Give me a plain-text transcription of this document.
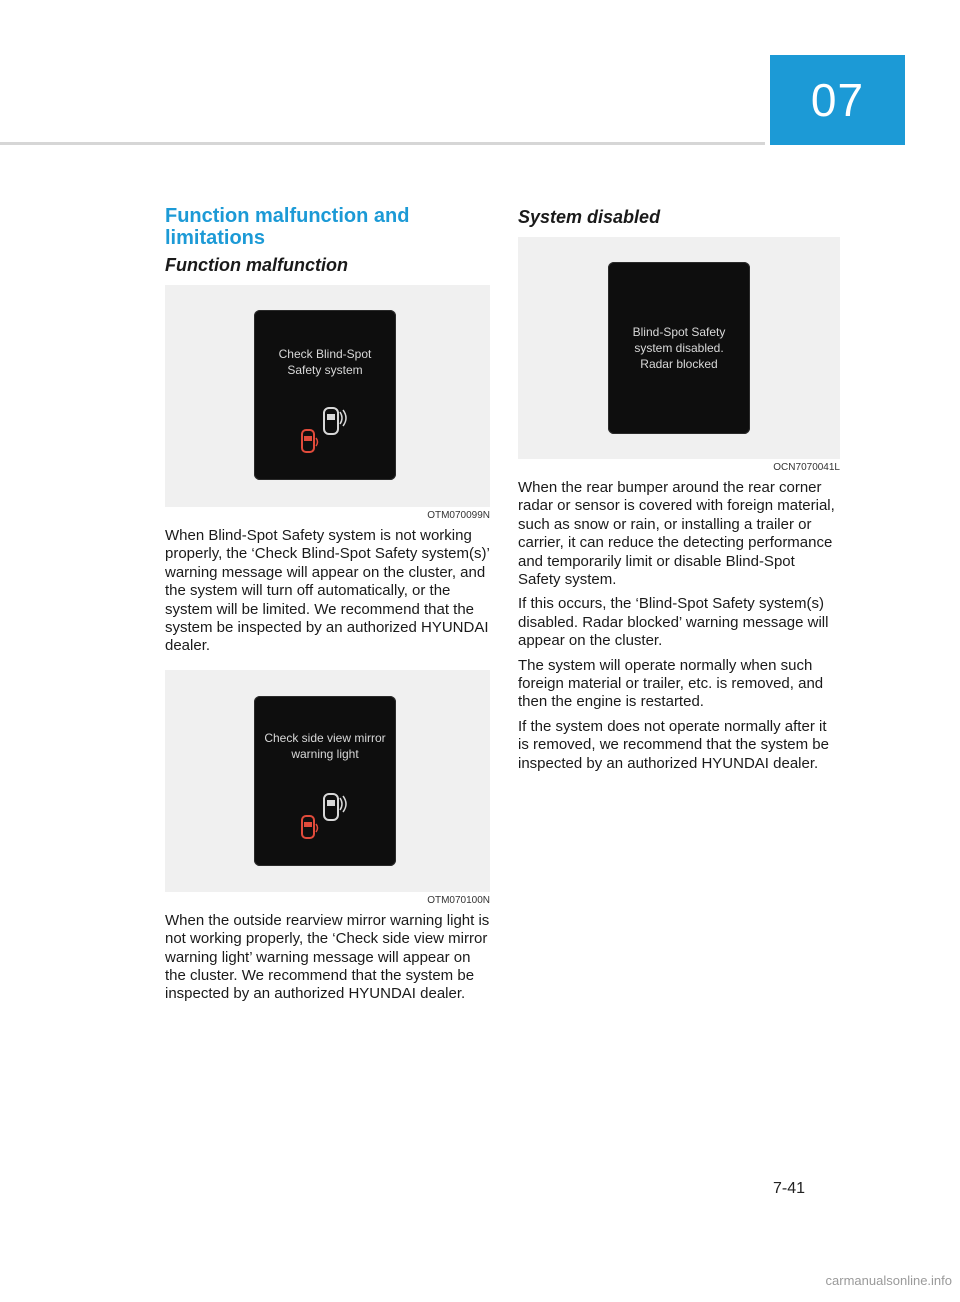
07
Function malfunction and limitations
Function malfunction
Check Blind-Spot
Safety system
OTM070099N

When Blind-Spot Safety system is not working properly, the ‘Check Blind-Spot Safety system(s)’ warning message will appear on the cluster, and the system will turn off automatically, or the system will be limited. We recommend that the system be inspected by an authorized HYUNDAI dealer.

Check side view mirror
warning light
OTM070100N

When the outside rearview mirror warning light is not working properly, the ‘Check side view mirror warning light’ warning message will appear on the cluster. We recommend that the system be inspected by an authorized HYUNDAI dealer.

System disabled
Blind-Spot Safety
system disabled.
Radar blocked
OCN7070041L

When the rear bumper around the rear corner radar or sensor is covered with foreign material, such as snow or rain, or installing a trailer or carrier, it can reduce the detecting performance and temporarily limit or disable Blind-Spot Safety system.

If this occurs, the ‘Blind-Spot Safety system(s) disabled. Radar blocked’ warning message will appear on the cluster.

The system will operate normally when such foreign material or trailer, etc. is removed, and then the engine is restarted.

If the system does not operate normally after it is removed, we recommend that the system be inspected by an authorized HYUNDAI dealer.

7-41
carmanualsonline.info
